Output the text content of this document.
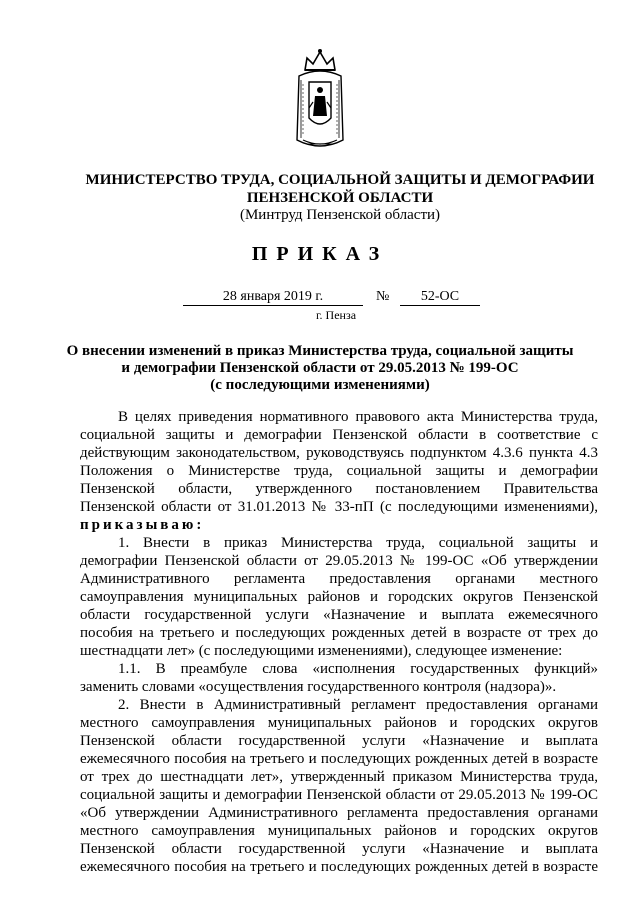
МИНИСТЕРСТВО ТРУДА, СОЦИАЛЬНОЙ ЗАЩИТЫ И ДЕМОГРАФИИ
ПЕНЗЕНСКОЙ ОБЛАСТИ
(Минтруд Пензенской области)
ПРИКАЗ
28 января 2019 г.	№	52-ОС
г. Пенза
О внесении изменений в приказ Министерства труда, социальной защиты
и демографии Пензенской области от 29.05.2013 № 199-ОС
(с последующими изменениями)
В целях приведения нормативного правового акта Министерства труда,
социальной защиты и демографии Пензенской области в соответствие с
действующим законодательством, руководствуясь подпунктом 4.3.6 пункта 4.3
Положения о Министерстве труда, социальной защиты и демографии
Пензенской области, утвержденного постановлением Правительства
Пензенской области от 31.01.2013 № 33-пП (с последующими изменениями),
приказываю:
1. Внести в приказ Министерства труда, социальной защиты и
демографии Пензенской области от 29.05.2013 № 199-ОС «Об утверждении
Административного регламента предоставления органами местного
самоуправления муниципальных районов и городских округов Пензенской
области государственной услуги «Назначение и выплата ежемесячного
пособия на третьего и последующих рожденных детей в возрасте от трех до
шестнадцати лет» (с последующими изменениями), следующее изменение:
1.1. В преамбуле слова «исполнения государственных функций»
заменить словами «осуществления государственного контроля (надзора)».
2. Внести в Административный регламент предоставления органами
местного самоуправления муниципальных районов и городских округов
Пензенской области государственной услуги «Назначение и выплата
ежемесячного пособия на третьего и последующих рожденных детей в возрасте
от трех до шестнадцати лет», утвержденный приказом Министерства труда,
социальной защиты и демографии Пензенской области от 29.05.2013 № 199-ОС
«Об утверждении Административного регламента предоставления органами
местного самоуправления муниципальных районов и городских округов
Пензенской области государственной услуги «Назначение и выплата
ежемесячного пособия на третьего и последующих рожденных детей в возрасте
